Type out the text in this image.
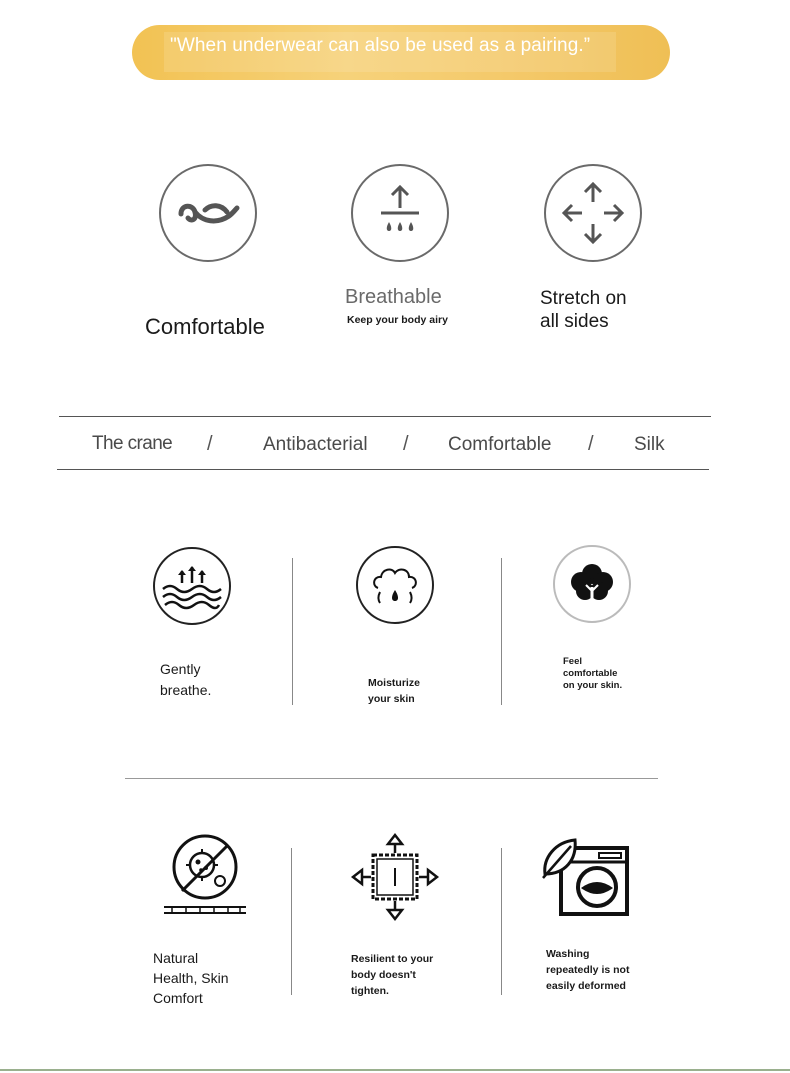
"When underwear can also be used as a pairing.”
Comfortable
Breathable
Keep your body airy
Stretch on
all sides
The crane /	Antibacterial / Comfortable / Silk
Gently
breathe.	Moisturize
your skin
Feel
comfortable
on your skin.
Natural
Health, Skin
Comfort
Resilient to your
body doesn't
tighten.
Washing
repeatedly is not
easily deformed
